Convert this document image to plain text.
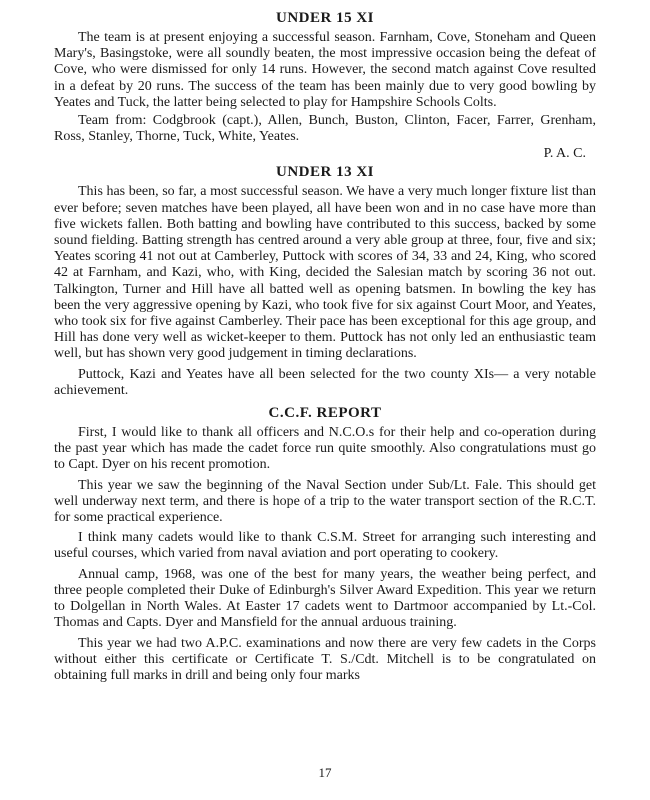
UNDER 15 XI

The team is at present enjoying a successful season. Farnham, Cove, Stoneham and Queen Mary's, Basingstoke, were all soundly beaten, the most impressive occasion being the defeat of Cove, who were dismissed for only 14 runs. However, the second match against Cove resulted in a defeat by 20 runs. The success of the team has been mainly due to very good bowling by Yeates and Tuck, the latter being selected to play for Hampshire Schools Colts.

Team from: Codgbrook (capt.), Allen, Bunch, Buston, Clinton, Facer, Farrer, Grenham, Ross, Stanley, Thorne, Tuck, White, Yeates.

P. A. C.
UNDER 13 XI

This has been, so far, a most successful season. We have a very much longer fixture list than ever before; seven matches have been played, all have been won and in no case have more than five wickets fallen. Both batting and bowling have contributed to this success, backed by some sound fielding. Batting strength has centred around a very able group at three, four, five and six; Yeates scoring 41 not out at Camberley, Puttock with scores of 34, 33 and 24, King, who scored 42 at Farnham, and Kazi, who, with King, decided the Salesian match by scoring 36 not out. Talkington, Turner and Hill have all batted well as opening batsmen. In bowling the key has been the very aggressive opening by Kazi, who took five for six against Court Moor, and Yeates, who took six for five against Camberley. Their pace has been exceptional for this age group, and Hill has done very well as wicket-keeper to them. Puttock has not only led an enthusiastic team well, but has shown very good judgement in timing declarations.

Puttock, Kazi and Yeates have all been selected for the two county XIs— a very notable achievement.

C.C.F. REPORT

First, I would like to thank all officers and N.C.O.s for their help and co-operation during the past year which has made the cadet force run quite smoothly. Also congratulations must go to Capt. Dyer on his recent promotion.

This year we saw the beginning of the Naval Section under Sub/Lt. Fale. This should get well underway next term, and there is hope of a trip to the water transport section of the R.C.T. for some practical experience.

I think many cadets would like to thank C.S.M. Street for arranging such interesting and useful courses, which varied from naval aviation and port operating to cookery.

Annual camp, 1968, was one of the best for many years, the weather being perfect, and three people completed their Duke of Edinburgh's Silver Award Expedition. This year we return to Dolgellan in North Wales. At Easter 17 cadets went to Dartmoor accompanied by Lt.-Col. Thomas and Capts. Dyer and Mansfield for the annual arduous training.

This year we had two A.P.C. examinations and now there are very few cadets in the Corps without either this certificate or Certificate T. S./Cdt. Mitchell is to be congratulated on obtaining full marks in drill and being only four marks

17
